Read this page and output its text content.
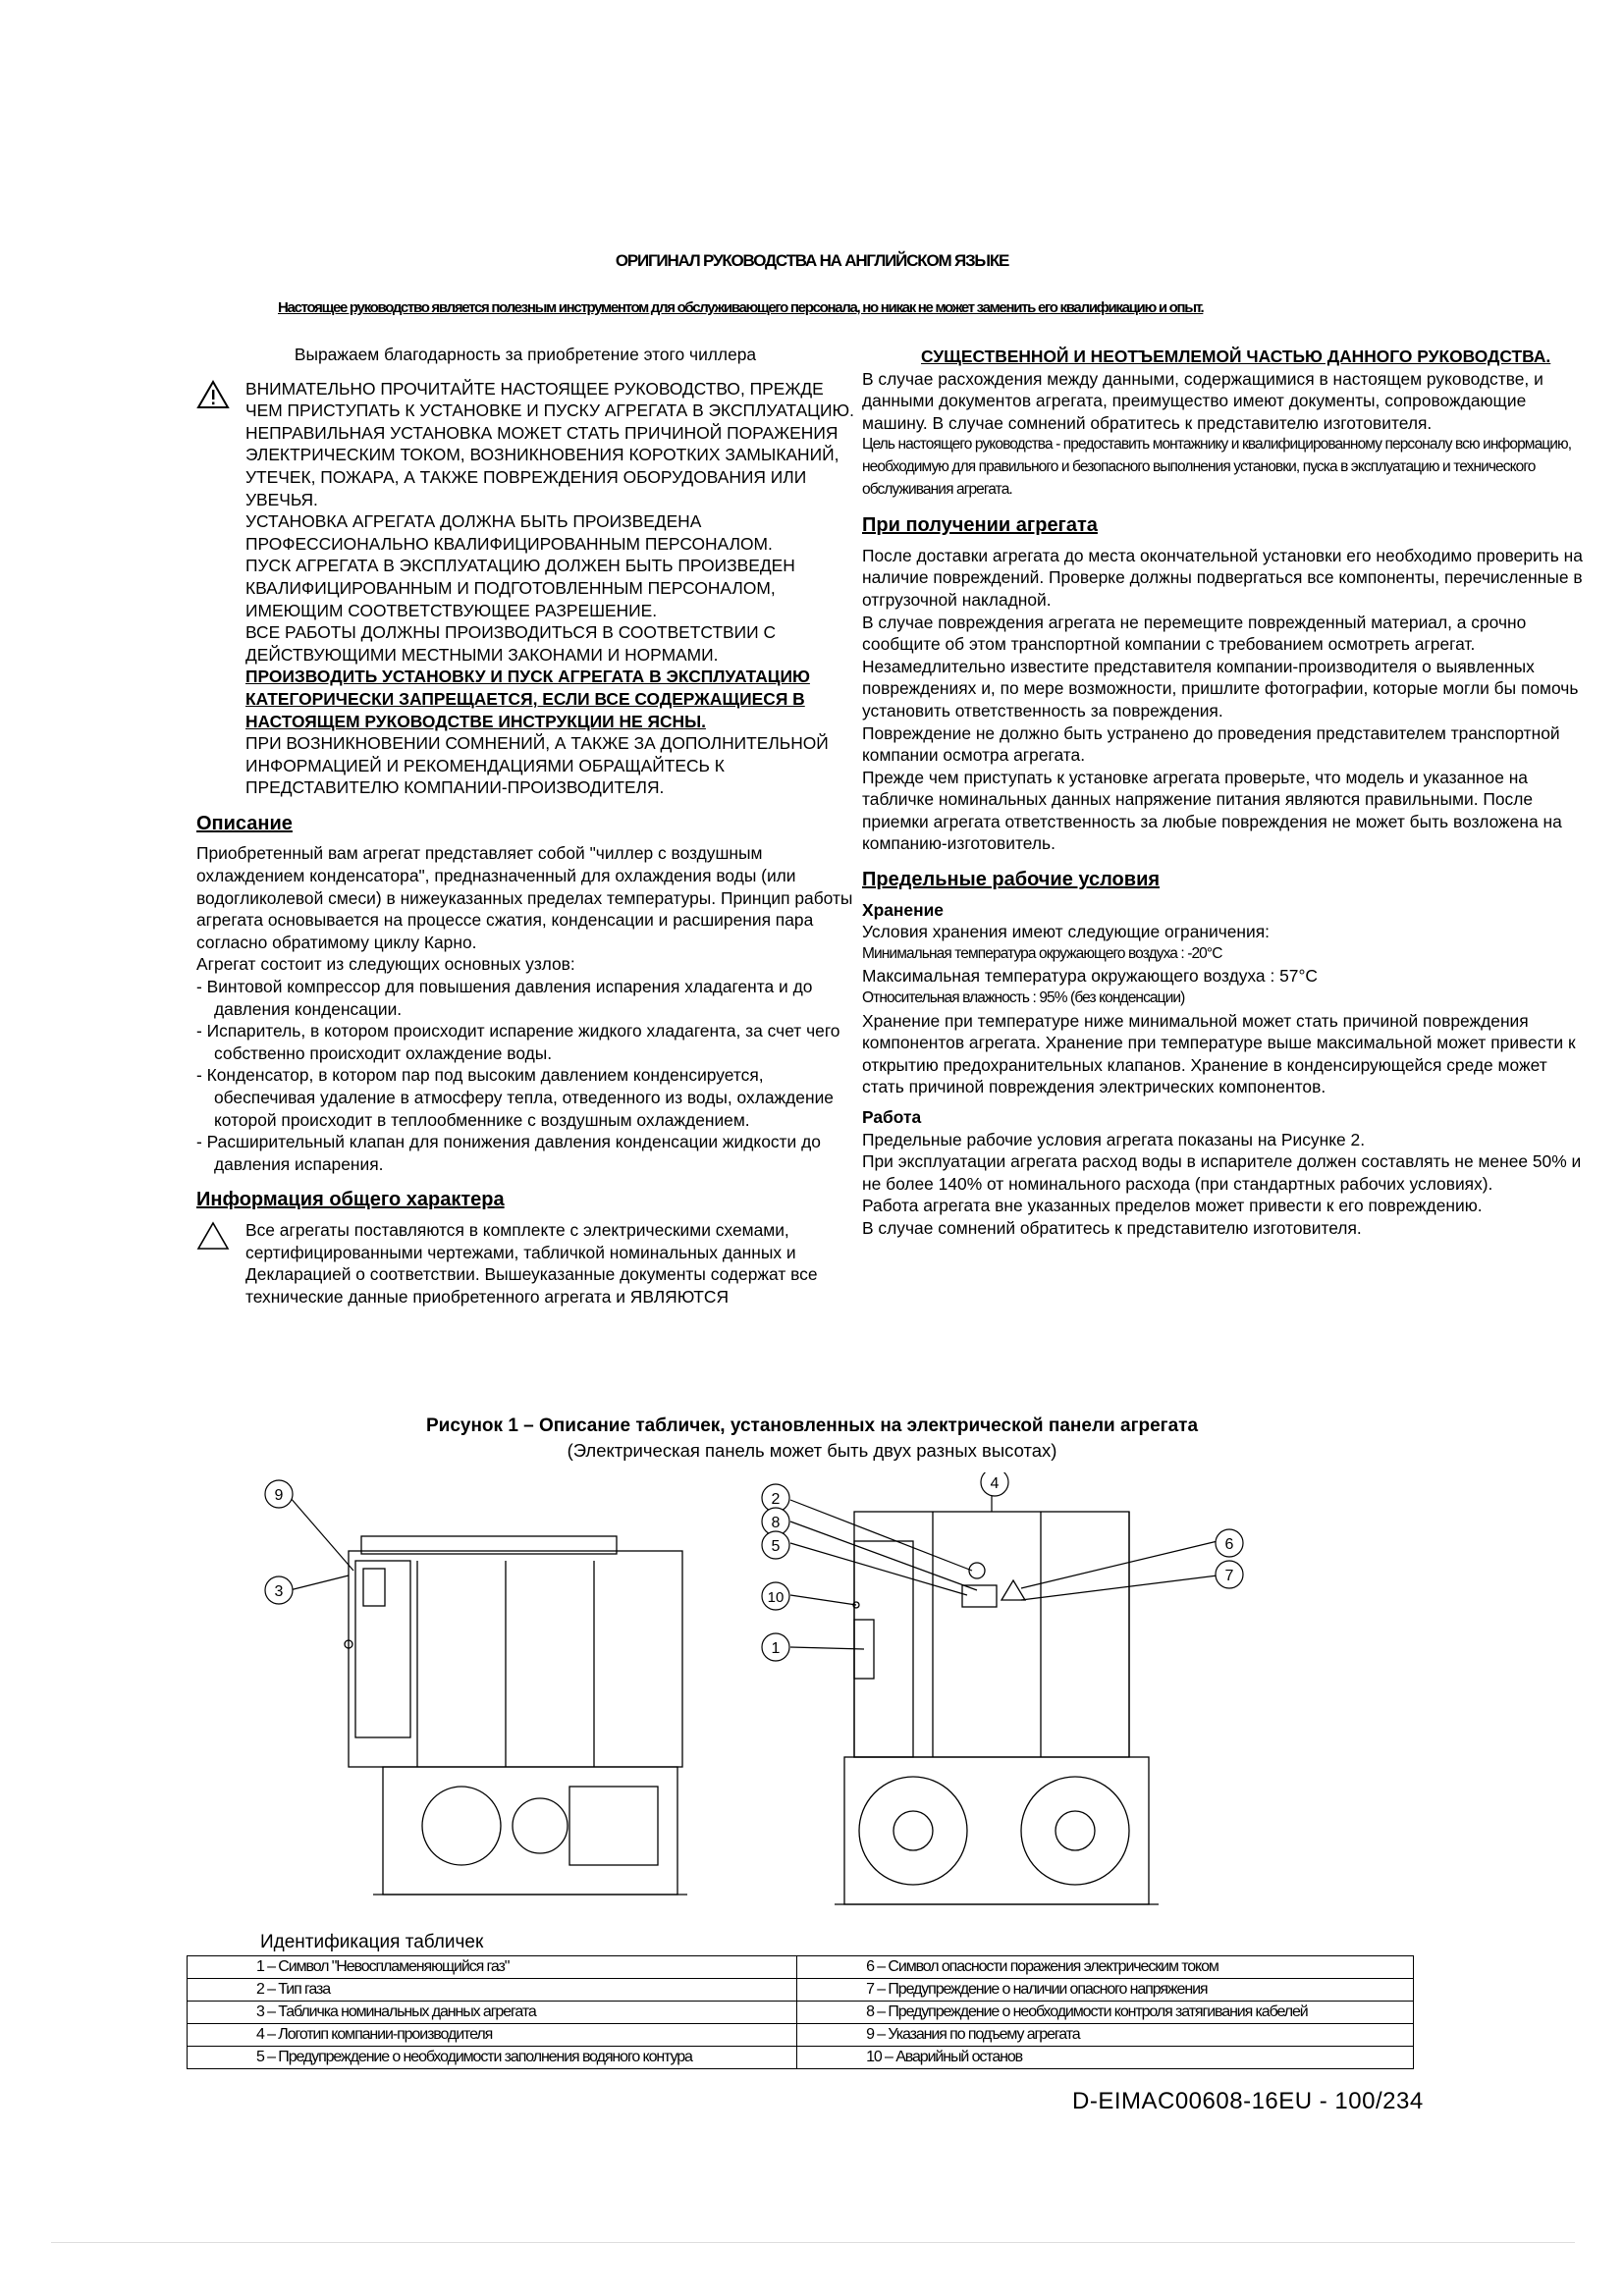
ОРИГИНАЛ РУКОВОДСТВА НА АНГЛИЙСКОМ ЯЗЫКЕ
Настоящее руководство является полезным инструментом для обслуживающего персонала, но никак не может заменить его квалификацию и опыт.

Выражаем благодарность за приобретение этого чиллера

ВНИМАТЕЛЬНО ПРОЧИТАЙТЕ НАСТОЯЩЕЕ РУКОВОДСТВО, ПРЕЖДЕ ЧЕМ ПРИСТУПАТЬ К УСТАНОВКЕ И ПУСКУ АГРЕГАТА В ЭКСПЛУАТАЦИЮ.

НЕПРАВИЛЬНАЯ УСТАНОВКА МОЖЕТ СТАТЬ ПРИЧИНОЙ ПОРАЖЕНИЯ ЭЛЕКТРИЧЕСКИМ ТОКОМ, ВОЗНИКНОВЕНИЯ КОРОТКИХ ЗАМЫКАНИЙ, УТЕЧЕК, ПОЖАРА, А ТАКЖЕ ПОВРЕЖДЕНИЯ ОБОРУДОВАНИЯ ИЛИ УВЕЧЬЯ.

УСТАНОВКА АГРЕГАТА ДОЛЖНА БЫТЬ ПРОИЗВЕДЕНА ПРОФЕССИОНАЛЬНО КВАЛИФИЦИРОВАННЫМ ПЕРСОНАЛОМ.

ПУСК АГРЕГАТА В ЭКСПЛУАТАЦИЮ ДОЛЖЕН БЫТЬ ПРОИЗВЕДЕН КВАЛИФИЦИРОВАННЫМ И ПОДГОТОВЛЕННЫМ ПЕРСОНАЛОМ, ИМЕЮЩИМ СООТВЕТСТВУЮЩЕЕ РАЗРЕШЕНИЕ.

ВСЕ РАБОТЫ ДОЛЖНЫ ПРОИЗВОДИТЬСЯ В СООТВЕТСТВИИ С ДЕЙСТВУЮЩИМИ МЕСТНЫМИ ЗАКОНАМИ И НОРМАМИ.

ПРОИЗВОДИТЬ УСТАНОВКУ И ПУСК АГРЕГАТА В ЭКСПЛУАТАЦИЮ КАТЕГОРИЧЕСКИ ЗАПРЕЩАЕТСЯ, ЕСЛИ ВСЕ СОДЕРЖАЩИЕСЯ В НАСТОЯЩЕМ РУКОВОДСТВЕ ИНСТРУКЦИИ НЕ ЯСНЫ.

ПРИ ВОЗНИКНОВЕНИИ СОМНЕНИЙ, А ТАКЖЕ ЗА ДОПОЛНИТЕЛЬНОЙ ИНФОРМАЦИЕЙ И РЕКОМЕНДАЦИЯМИ ОБРАЩАЙТЕСЬ К ПРЕДСТАВИТЕЛЮ КОМПАНИИ-ПРОИЗВОДИТЕЛЯ.

Описание

Приобретенный вам агрегат представляет собой "чиллер с воздушным охлаждением конденсатора", предназначенный для охлаждения воды (или водогликолевой смеси) в нижеуказанных пределах температуры. Принцип работы агрегата основывается на процессе сжатия, конденсации и расширения пара согласно обратимому циклу Карно.

Агрегат состоит из следующих основных узлов:

- Винтовой компрессор для повышения давления испарения хладагента и до давления конденсации.

- Испаритель, в котором происходит испарение жидкого хладагента, за счет чего собственно происходит охлаждение воды.

- Конденсатор, в котором пар под высоким давлением конденсируется, обеспечивая удаление в атмосферу тепла, отведенного из воды, охлаждение которой происходит в теплообменнике с воздушным охлаждением.

- Расширительный клапан для понижения давления конденсации жидкости до давления испарения.

Информация общего характера

Все агрегаты поставляются в комплекте с электрическими схемами, сертифицированными чертежами, табличкой номинальных данных и Декларацией о соответствии. Вышеуказанные документы содержат все технические данные приобретенного агрегата и ЯВЛЯЮТСЯ

СУЩЕСТВЕННОЙ И НЕОТЪЕМЛЕМОЙ ЧАСТЬЮ ДАННОГО РУКОВОДСТВА.

В случае расхождения между данными, содержащимися в настоящем руководстве, и данными документов агрегата, преимущество имеют документы, сопровождающие машину. В случае сомнений обратитесь к представителю изготовителя.

Цель настоящего руководства - предоставить монтажнику и квалифицированному персоналу всю информацию, необходимую для правильного и безопасного выполнения установки, пуска в эксплуатацию и технического обслуживания агрегата.

При получении агрегата

После доставки агрегата до места окончательной установки его необходимо проверить на наличие повреждений. Проверке должны подвергаться все компоненты, перечисленные в отгрузочной накладной.

В случае повреждения агрегата не перемещите поврежденный материал, а срочно сообщите об этом транспортной компании с требованием осмотреть агрегат.

Незамедлительно известите представителя компании-производителя о выявленных повреждениях и, по мере возможности, пришлите фотографии, которые могли бы помочь установить ответственность за повреждения.

Повреждение не должно быть устранено до проведения представителем транспортной компании осмотра агрегата.

Прежде чем приступать к установке агрегата проверьте, что модель и указанное на табличке номинальных данных напряжение питания являются правильными. После приемки агрегата ответственность за любые повреждения не может быть возложена на компанию-изготовитель.

Предельные рабочие условия

Хранение

Условия хранения имеют следующие ограничения:

Минимальная температура окружающего воздуха : -20°C

Максимальная температура окружающего воздуха : 57°C

Относительная влажность : 95% (без конденсации)

Хранение при температуре ниже минимальной может стать причиной повреждения компонентов агрегата. Хранение при температуре выше максимальной может привести к открытию предохранительных клапанов. Хранение в конденсирующейся среде может стать причиной повреждения электрических компонентов.

Работа

Предельные рабочие условия агрегата показаны на Рисунке 2.

При эксплуатации агрегата расход воды в испарителе должен составлять не менее 50% и не более 140% от номинального расхода (при стандартных рабочих условиях).

Работа агрегата вне указанных пределов может привести к его повреждению.

В случае сомнений обратитесь к представителю изготовителя.

Рисунок 1 – Описание табличек, установленных на электрической панели агрегата
(Электрическая панель может быть двух разных высотах)
9
3
2
8
5
4
6
7
10
1
Идентификация табличек
1 – Символ "Невоспламеняющийся газ"	6 – Символ опасности поражения электрическим током
2 – Тип газа	7 – Предупреждение о наличии опасного напряжения
3 – Табличка номинальных данных агрегата	8 – Предупреждение о необходимости контроля затягивания кабелей
4 – Логотип компании-производителя	9 – Указания по подъему агрегата
5 – Предупреждение о необходимости заполнения водяного контура	10 – Аварийный останов
D-EIMAC00608-16EU - 100/234
